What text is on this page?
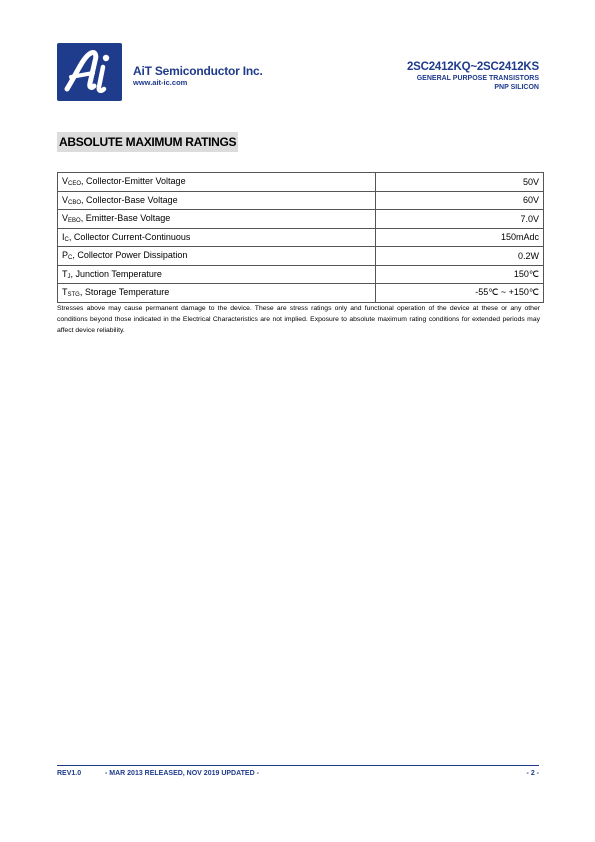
AiT Semiconductor Inc.
www.ait-ic.com
2SC2412KQ~2SC2412KS
GENERAL PURPOSE TRANSISTORS
PNP SILICON
ABSOLUTE MAXIMUM RATINGS
$V_{CEO}$, Collector-Emitter Voltage	50V
$V_{CBO}$, Collector-Base Voltage	60V
$V_{EBO}$, Emitter-Base Voltage	7.0V
$I_C$, Collector Current-Continuous	150mAdc
$P_C$, Collector Power Dissipation	0.2W
$T_J$, Junction Temperature	150℃
$T_{STG}$, Storage Temperature	-55℃ ~ +150℃
Stresses above may cause permanent damage to the device. These are stress ratings only and functional operation of the device at these or any other conditions beyond those indicated in the Electrical Characteristics are not implied. Exposure to absolute maximum rating conditions for extended periods may affect device reliability.
REV1.0	- MAR 2013 RELEASED, NOV 2019 UPDATED -	- 2 -
